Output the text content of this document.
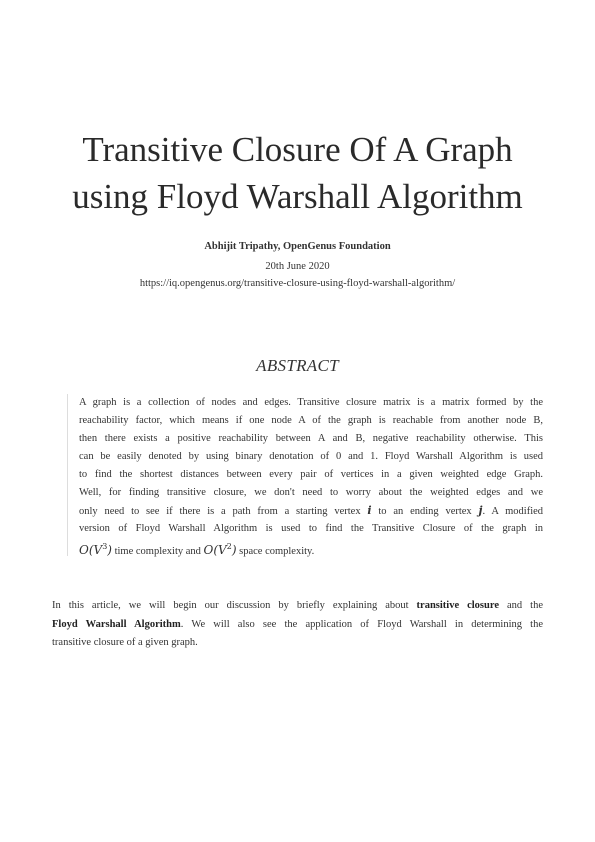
Transitive Closure Of A Graph
using Floyd Warshall Algorithm
Abhijit Tripathy, OpenGenus Foundation
20th June 2020
https://iq.opengenus.org/transitive-closure-using-floyd-warshall-algorithm/
ABSTRACT
A graph is a collection of nodes and edges. Transitive closure matrix is a matrix formed by the
reachability factor, which means if one node A of the graph is reachable from another node B,
then there exists a positive reachability between A and B, negative reachability otherwise. This
can be easily denoted by using binary denotation of 0 and 1. Floyd Warshall Algorithm is used
to find the shortest distances between every pair of vertices in a given weighted edge Graph.
Well, for finding transitive closure, we don't need to worry about the weighted edges and we
only need to see if there is a path from a starting vertex i to an ending vertex j. A modified
version of Floyd Warshall Algorithm is used to find the Transitive Closure of the graph in
$O(V^3)$ time complexity and $O(V^2)$ space complexity.
In this article, we will begin our discussion by briefly explaining about transitive closure and the
Floyd Warshall Algorithm. We will also see the application of Floyd Warshall in determining the
transitive closure of a given graph.
